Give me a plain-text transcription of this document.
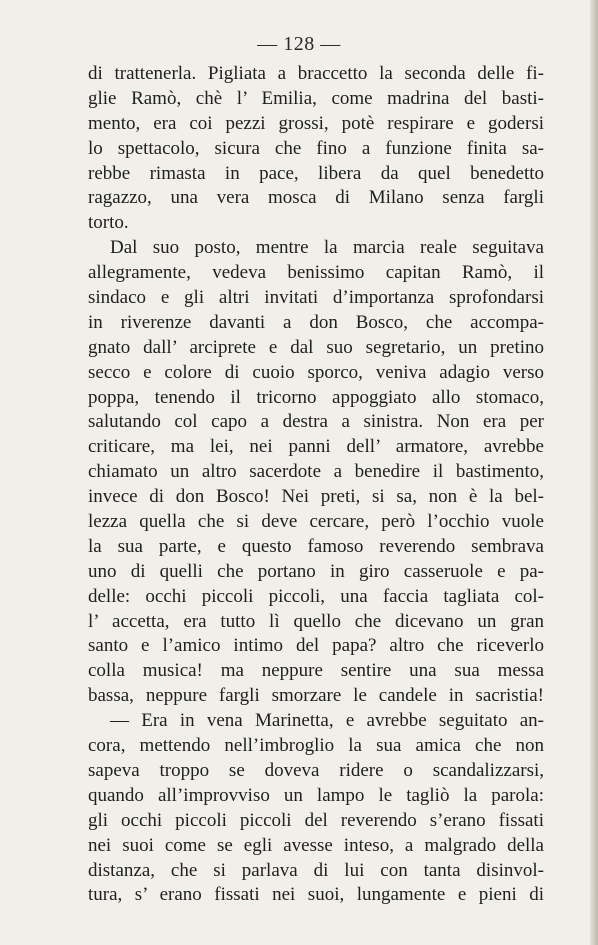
— 128 —
di trattenerla. Pigliata a braccetto la seconda delle fi-
glie Ramò, chè l’ Emilia, come madrina del basti-
mento, era coi pezzi grossi, potè respirare e godersi
lo spettacolo, sicura che fino a funzione finita sa-
rebbe rimasta in pace, libera da quel benedetto
ragazzo, una vera mosca di Milano senza fargli
torto.
Dal suo posto, mentre la marcia reale seguitava
allegramente, vedeva benissimo capitan Ramò, il
sindaco e gli altri invitati d’importanza sprofondarsi
in riverenze davanti a don Bosco, che accompa-
gnato dall’ arciprete e dal suo segretario, un pretino
secco e colore di cuoio sporco, veniva adagio verso
poppa, tenendo il tricorno appoggiato allo stomaco,
salutando col capo a destra a sinistra. Non era per
criticare, ma lei, nei panni dell’ armatore, avrebbe
chiamato un altro sacerdote a benedire il bastimento,
invece di don Bosco! Nei preti, si sa, non è la bel-
lezza quella che si deve cercare, però l’occhio vuole
la sua parte, e questo famoso reverendo sembrava
uno di quelli che portano in giro casseruole e pa-
delle: occhi piccoli piccoli, una faccia tagliata col-
l’ accetta, era tutto lì quello che dicevano un gran
santo e l’amico intimo del papa? altro che riceverlo
colla musica! ma neppure sentire una sua messa
bassa, neppure fargli smorzare le candele in sacristia!
— Era in vena Marinetta, e avrebbe seguitato an-
cora, mettendo nell’imbroglio la sua amica che non
sapeva troppo se doveva ridere o scandalizzarsi,
quando all’improvviso un lampo le tagliò la parola:
gli occhi piccoli piccoli del reverendo s’erano fissati
nei suoi come se egli avesse inteso, a malgrado della
distanza, che si parlava di lui con tanta disinvol-
tura, s’ erano fissati nei suoi, lungamente e pieni di
